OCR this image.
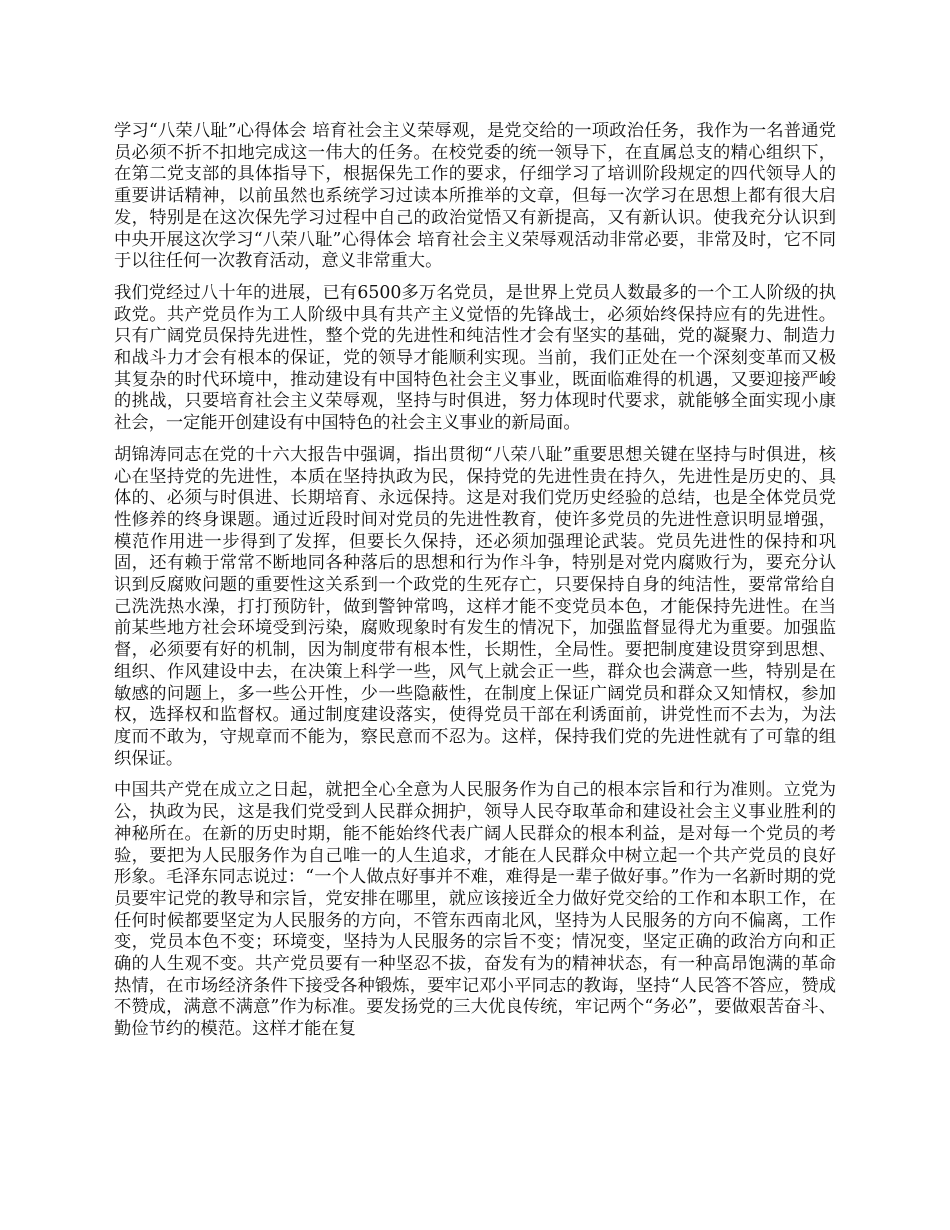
学习“八荣八耻”心得体会 培育社会主义荣辱观，是党交给的一项政治任务，我作为一名普通党员必须不折不扣地完成这一伟大的任务。在校党委的统一领导下，在直属总支的精心组织下，在第二党支部的具体指导下，根据保先工作的要求，仔细学习了培训阶段规定的四代领导人的重要讲话精神，以前虽然也系统学习过读本所推举的文章，但每一次学习在思想上都有很大启发，特别是在这次保先学习过程中自己的政治觉悟又有新提高，又有新认识。使我充分认识到中央开展这次学习“八荣八耻”心得体会 培育社会主义荣辱观活动非常必要，非常及时，它不同于以往任何一次教育活动，意义非常重大。

我们党经过八十年的进展，已有6500多万名党员，是世界上党员人数最多的一个工人阶级的执政党。共产党员作为工人阶级中具有共产主义觉悟的先锋战士，必须始终保持应有的先进性。只有广阔党员保持先进性，整个党的先进性和纯洁性才会有坚实的基础，党的凝聚力、制造力和战斗力才会有根本的保证，党的领导才能顺利实现。当前，我们正处在一个深刻变革而又极其复杂的时代环境中，推动建设有中国特色社会主义事业，既面临难得的机遇，又要迎接严峻的挑战，只要培育社会主义荣辱观，坚持与时俱进，努力体现时代要求，就能够全面实现小康社会，一定能开创建设有中国特色的社会主义事业的新局面。

胡锦涛同志在党的十六大报告中强调，指出贯彻“八荣八耻”重要思想关键在坚持与时俱进，核心在坚持党的先进性，本质在坚持执政为民，保持党的先进性贵在持久，先进性是历史的、具体的、必须与时俱进、长期培育、永远保持。这是对我们党历史经验的总结，也是全体党员党性修养的终身课题。通过近段时间对党员的先进性教育，使许多党员的先进性意识明显增强，模范作用进一步得到了发挥，但要长久保持，还必须加强理论武装。党员先进性的保持和巩固，还有赖于常常不断地同各种落后的思想和行为作斗争，特别是对党内腐败行为，要充分认识到反腐败问题的重要性这关系到一个政党的生死存亡，只要保持自身的纯洁性，要常常给自己洗洗热水澡，打打预防针，做到警钟常鸣，这样才能不变党员本色，才能保持先进性。在当前某些地方社会环境受到污染，腐败现象时有发生的情况下，加强监督显得尤为重要。加强监督，必须要有好的机制，因为制度带有根本性，长期性，全局性。要把制度建设贯穿到思想、组织、作风建设中去，在决策上科学一些，风气上就会正一些，群众也会满意一些，特别是在敏感的问题上，多一些公开性，少一些隐蔽性，在制度上保证广阔党员和群众又知情权，参加权，选择权和监督权。通过制度建设落实，使得党员干部在利诱面前，讲党性而不去为，为法度而不敢为，守规章而不能为，察民意而不忍为。这样，保持我们党的先进性就有了可靠的组织保证。

中国共产党在成立之日起，就把全心全意为人民服务作为自己的根本宗旨和行为准则。立党为公，执政为民，这是我们党受到人民群众拥护，领导人民夺取革命和建设社会主义事业胜利的神秘所在。在新的历史时期，能不能始终代表广阔人民群众的根本利益，是对每一个党员的考验，要把为人民服务作为自己唯一的人生追求，才能在人民群众中树立起一个共产党员的良好形象。毛泽东同志说过：“一个人做点好事并不难，难得是一辈子做好事。”作为一名新时期的党员要牢记党的教导和宗旨，党安排在哪里，就应该接近全力做好党交给的工作和本职工作，在任何时候都要坚定为人民服务的方向，不管东西南北风，坚持为人民服务的方向不偏离，工作变，党员本色不变；环境变，坚持为人民服务的宗旨不变；情况变，坚定正确的政治方向和正确的人生观不变。共产党员要有一种坚忍不拔，奋发有为的精神状态，有一种高昂饱满的革命热情，在市场经济条件下接受各种锻炼，要牢记邓小平同志的教诲，坚持“人民答不答应，赞成不赞成，满意不满意”作为标准。要发扬党的三大优良传统，牢记两个“务必”，要做艰苦奋斗、勤俭节约的模范。这样才能在复
